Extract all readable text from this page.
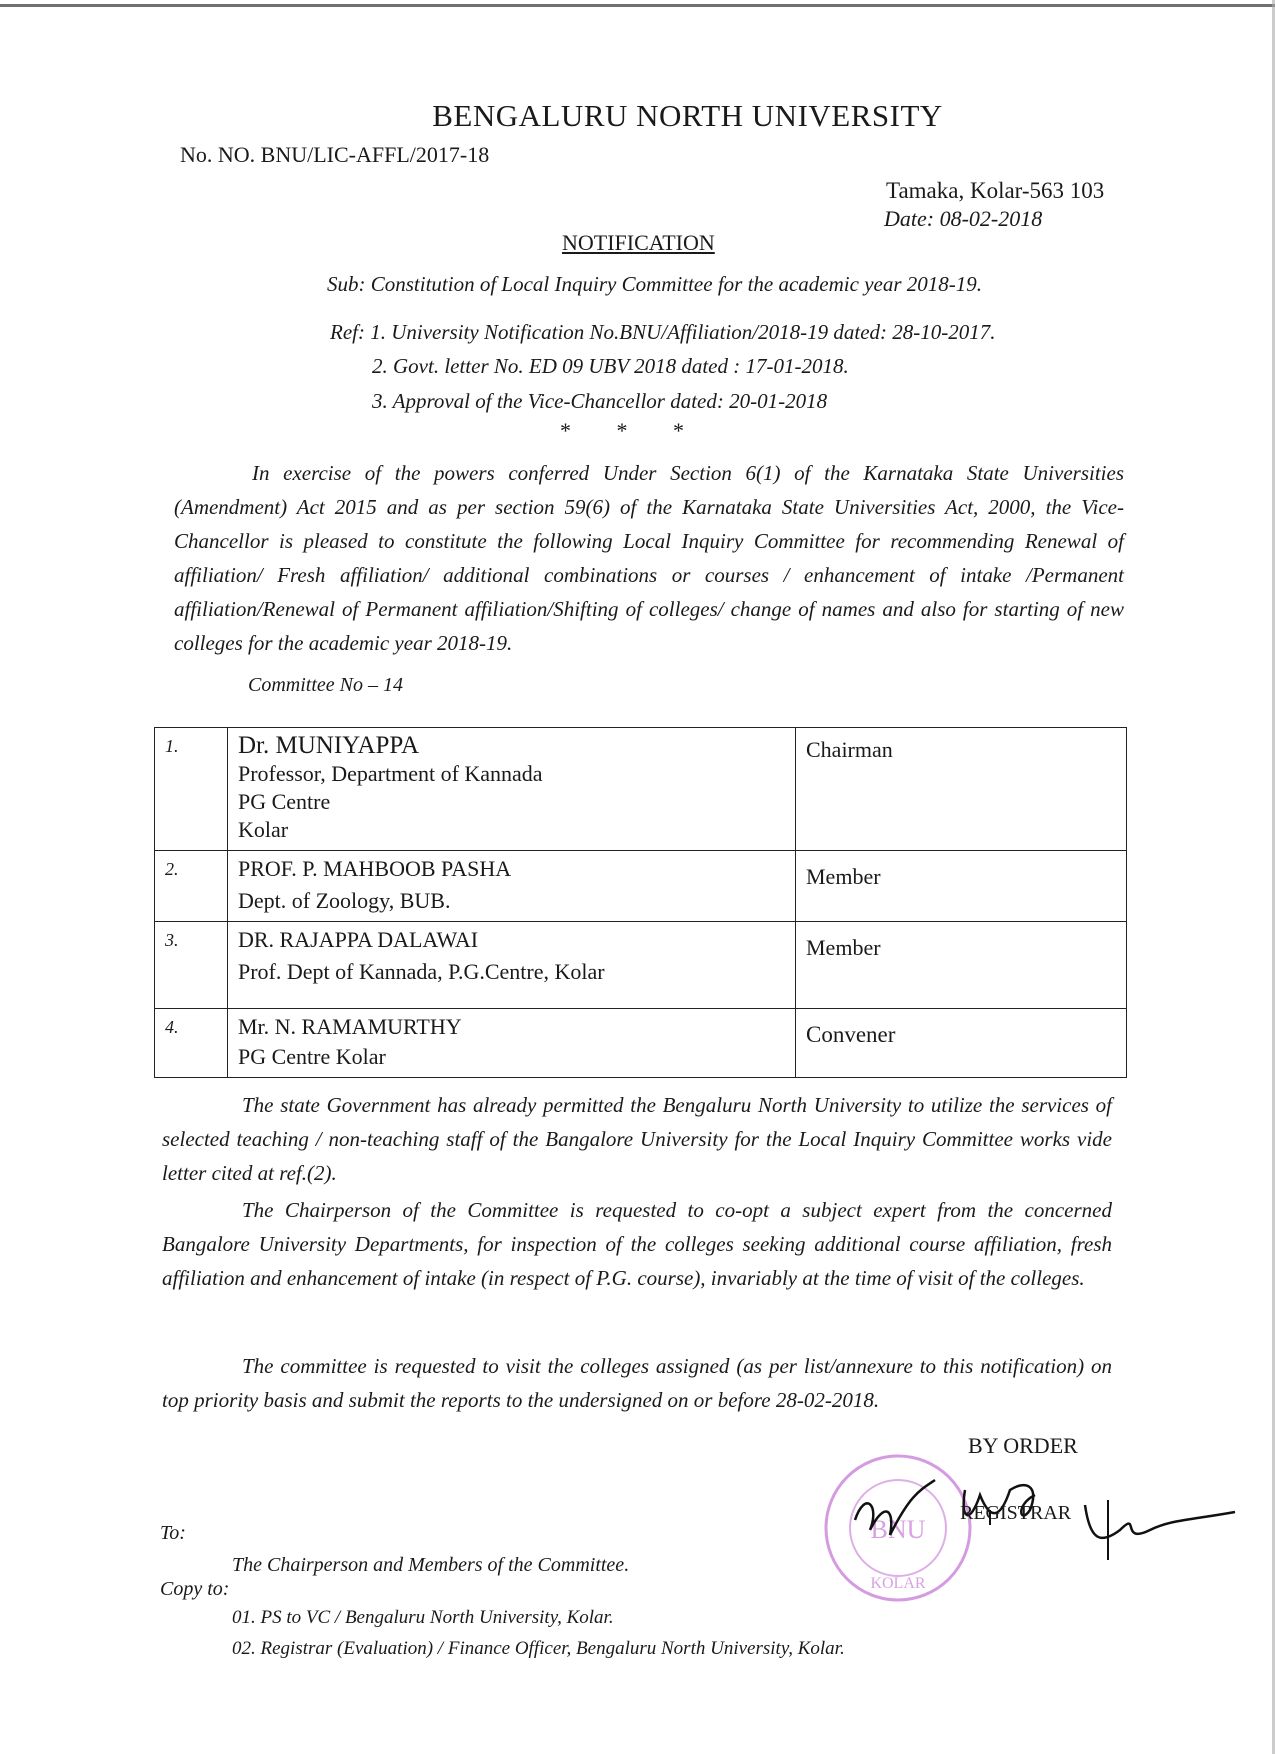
BENGALURU NORTH UNIVERSITY
No. NO. BNU/LIC-AFFL/2017-18
Tamaka, Kolar-563 103
Date: 08-02-2018
NOTIFICATION
Sub: Constitution of Local Inquiry Committee for the academic year 2018-19.
Ref: 1. University Notification No.BNU/Affiliation/2018-19 dated: 28-10-2017.
2. Govt. letter No. ED 09 UBV 2018 dated : 17-01-2018.
3. Approval of the Vice-Chancellor dated: 20-01-2018
* * *
In exercise of the powers conferred Under Section 6(1) of the Karnataka State Universities (Amendment) Act 2015 and as per section 59(6) of the Karnataka State Universities Act, 2000, the Vice-Chancellor is pleased to constitute the following Local Inquiry Committee for recommending Renewal of affiliation/ Fresh affiliation/ additional combinations or courses / enhancement of intake /Permanent affiliation/Renewal of Permanent affiliation/Shifting of colleges/ change of names and also for starting of new colleges for the academic year 2018-19.
Committee No – 14
1.	Dr. MUNIYAPPA
Professor, Department of Kannada
PG Centre
Kolar	Chairman
2.	PROF. P. MAHBOOB PASHA
Dept. of Zoology, BUB.	Member
3.	DR. RAJAPPA DALAWAI
Prof. Dept of Kannada, P.G.Centre, Kolar	Member
4.	Mr. N. RAMAMURTHY
PG Centre Kolar	Convener
The state Government has already permitted the Bengaluru North University to utilize the services of selected teaching / non-teaching staff of the Bangalore University for the Local Inquiry Committee works vide letter cited at ref.(2).
The Chairperson of the Committee is requested to co-opt a subject expert from the concerned Bangalore University Departments, for inspection of the colleges seeking additional course affiliation, fresh affiliation and enhancement of intake (in respect of P.G. course), invariably at the time of visit of the colleges.
The committee is requested to visit the colleges assigned (as per list/annexure to this notification) on top priority basis and submit the reports to the undersigned on or before 28-02-2018.
BY ORDER
BNU
KOLAR
REGISTRAR
To:
The Chairperson and Members of the Committee.
Copy to:
01. PS to VC / Bengaluru North University, Kolar.
02. Registrar (Evaluation) / Finance Officer, Bengaluru North University, Kolar.
